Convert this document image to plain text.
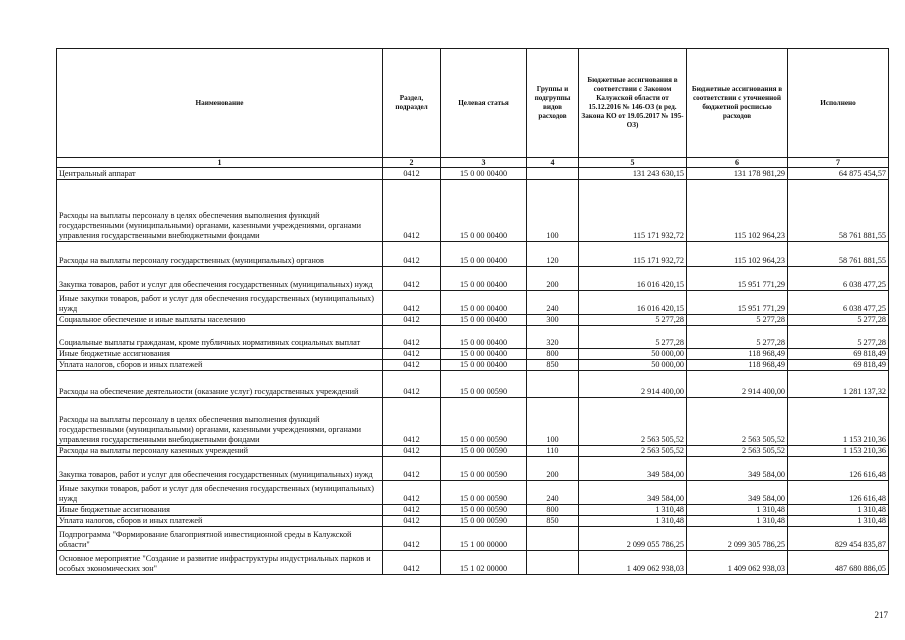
Наименование	Раздел, подраздел	Целевая статья	Группы и подгруппы видов расходов	Бюджетные ассигнования в соответствии с Законом Калужской области от 15.12.2016 № 146-ОЗ (в ред. Закона КО от 19.05.2017 № 195-ОЗ)	Бюджетные ассигнования в соответствии с уточненной бюджетной росписью расходов	Исполнено
1	2	3	4	5	6	7
Центральный аппарат	0412	15 0 00 00400		131 243 630,15	131 178 981,29	64 875 454,57
Расходы на выплаты персоналу в целях обеспечения выполнения функций государственными (муниципальными) органами, казенными учреждениями, органами управления государственными внебюджетными фондами	0412	15 0 00 00400	100	115 171 932,72	115 102 964,23	58 761 881,55
Расходы на выплаты персоналу государственных (муниципальных) органов	0412	15 0 00 00400	120	115 171 932,72	115 102 964,23	58 761 881,55
Закупка товаров, работ и услуг для обеспечения государственных (муниципальных) нужд	0412	15 0 00 00400	200	16 016 420,15	15 951 771,29	6 038 477,25
Иные закупки товаров, работ и услуг для обеспечения государственных (муниципальных) нужд	0412	15 0 00 00400	240	16 016 420,15	15 951 771,29	6 038 477,25
Социальное обеспечение и иные выплаты населению	0412	15 0 00 00400	300	5 277,28	5 277,28	5 277,28
Социальные выплаты гражданам, кроме публичных нормативных социальных выплат	0412	15 0 00 00400	320	5 277,28	5 277,28	5 277,28
Иные бюджетные ассигнования	0412	15 0 00 00400	800	50 000,00	118 968,49	69 818,49
Уплата налогов, сборов и иных платежей	0412	15 0 00 00400	850	50 000,00	118 968,49	69 818,49
Расходы на обеспечение деятельности (оказание услуг) государственных учреждений	0412	15 0 00 00590		2 914 400,00	2 914 400,00	1 281 137,32
Расходы на выплаты персоналу в целях обеспечения выполнения функций государственными (муниципальными) органами, казенными учреждениями, органами управления государственными внебюджетными фондами	0412	15 0 00 00590	100	2 563 505,52	2 563 505,52	1 153 210,36
Расходы на выплаты персоналу казенных учреждений	0412	15 0 00 00590	110	2 563 505,52	2 563 505,52	1 153 210,36
Закупка товаров, работ и услуг для обеспечения государственных (муниципальных) нужд	0412	15 0 00 00590	200	349 584,00	349 584,00	126 616,48
Иные закупки товаров, работ и услуг для обеспечения государственных (муниципальных) нужд	0412	15 0 00 00590	240	349 584,00	349 584,00	126 616,48
Иные бюджетные ассигнования	0412	15 0 00 00590	800	1 310,48	1 310,48	1 310,48
Уплата налогов, сборов и иных платежей	0412	15 0 00 00590	850	1 310,48	1 310,48	1 310,48
Подпрограмма "Формирование благоприятной инвестиционной среды в Калужской области"	0412	15 1 00 00000		2 099 055 786,25	2 099 305 786,25	829 454 835,87
Основное мероприятие "Создание и развитие инфраструктуры индустриальных парков и особых экономических зон"	0412	15 1 02 00000		1 409 062 938,03	1 409 062 938,03	487 680 886,05
217
